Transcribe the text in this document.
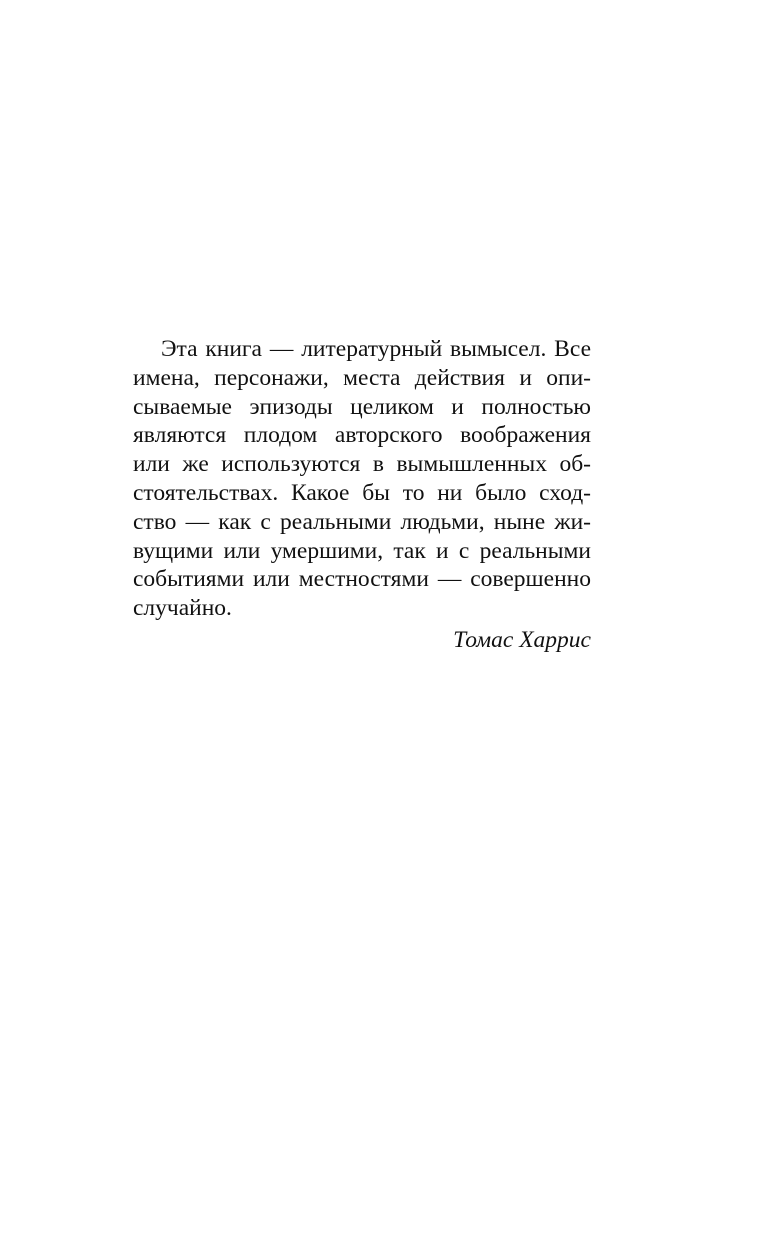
Эта книга — литературный вымысел. Все
имена, персонажи, места действия и опи-
сываемые эпизоды целиком и полностью
являются плодом авторского воображения
или же используются в вымышленных об-
стоятельствах. Какое бы то ни было сход-
ство — как с реальными людьми, ныне жи-
вущими или умершими, так и с реальными
событиями или местностями — совершенно
случайно.
Томас Харрис
